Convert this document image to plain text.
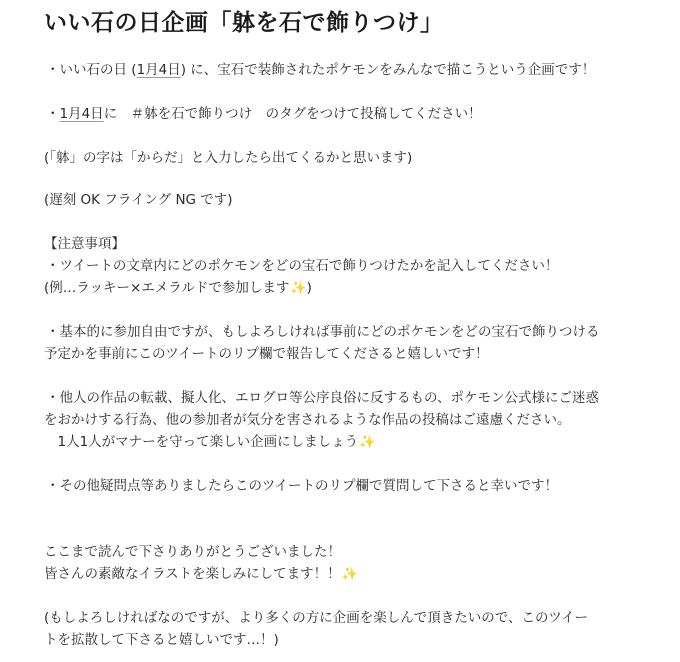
いい石の日企画「躰を石で飾りつけ」
・いい石の日 (1月4日) に、宝石で装飾されたポケモンをみんなで描こうという企画です！
・1月4日に　＃躰を石で飾りつけ　のタグをつけて投稿してください！
(「躰」の字は「からだ」と入力したら出てくるかと思います)
(遅刻 OK フライング NG です)
【注意事項】
・ツイートの文章内にどのポケモンをどの宝石で飾りつけたかを記入してください！
(例…ラッキー×エメラルドで参加します✨)
・基本的に参加自由ですが、もしよろしければ事前にどのポケモンをどの宝石で飾りつける
予定かを事前にこのツイートのリプ欄で報告してくださると嬉しいです！
・他人の作品の転載、擬人化、エログロ等公序良俗に反するもの、ポケモン公式様にご迷惑
をおかけする行為、他の参加者が気分を害されるような作品の投稿はご遠慮ください。
　1人1人がマナーを守って楽しい企画にしましょう✨
・その他疑問点等ありましたらこのツイートのリプ欄で質問して下さると幸いです！
ここまで読んで下さりありがとうございました！
皆さんの素敵なイラストを楽しみにしてます！！✨
(もしよろしければなのですが、より多くの方に企画を楽しんで頂きたいので、このツイー
トを拡散して下さると嬉しいです…！)
